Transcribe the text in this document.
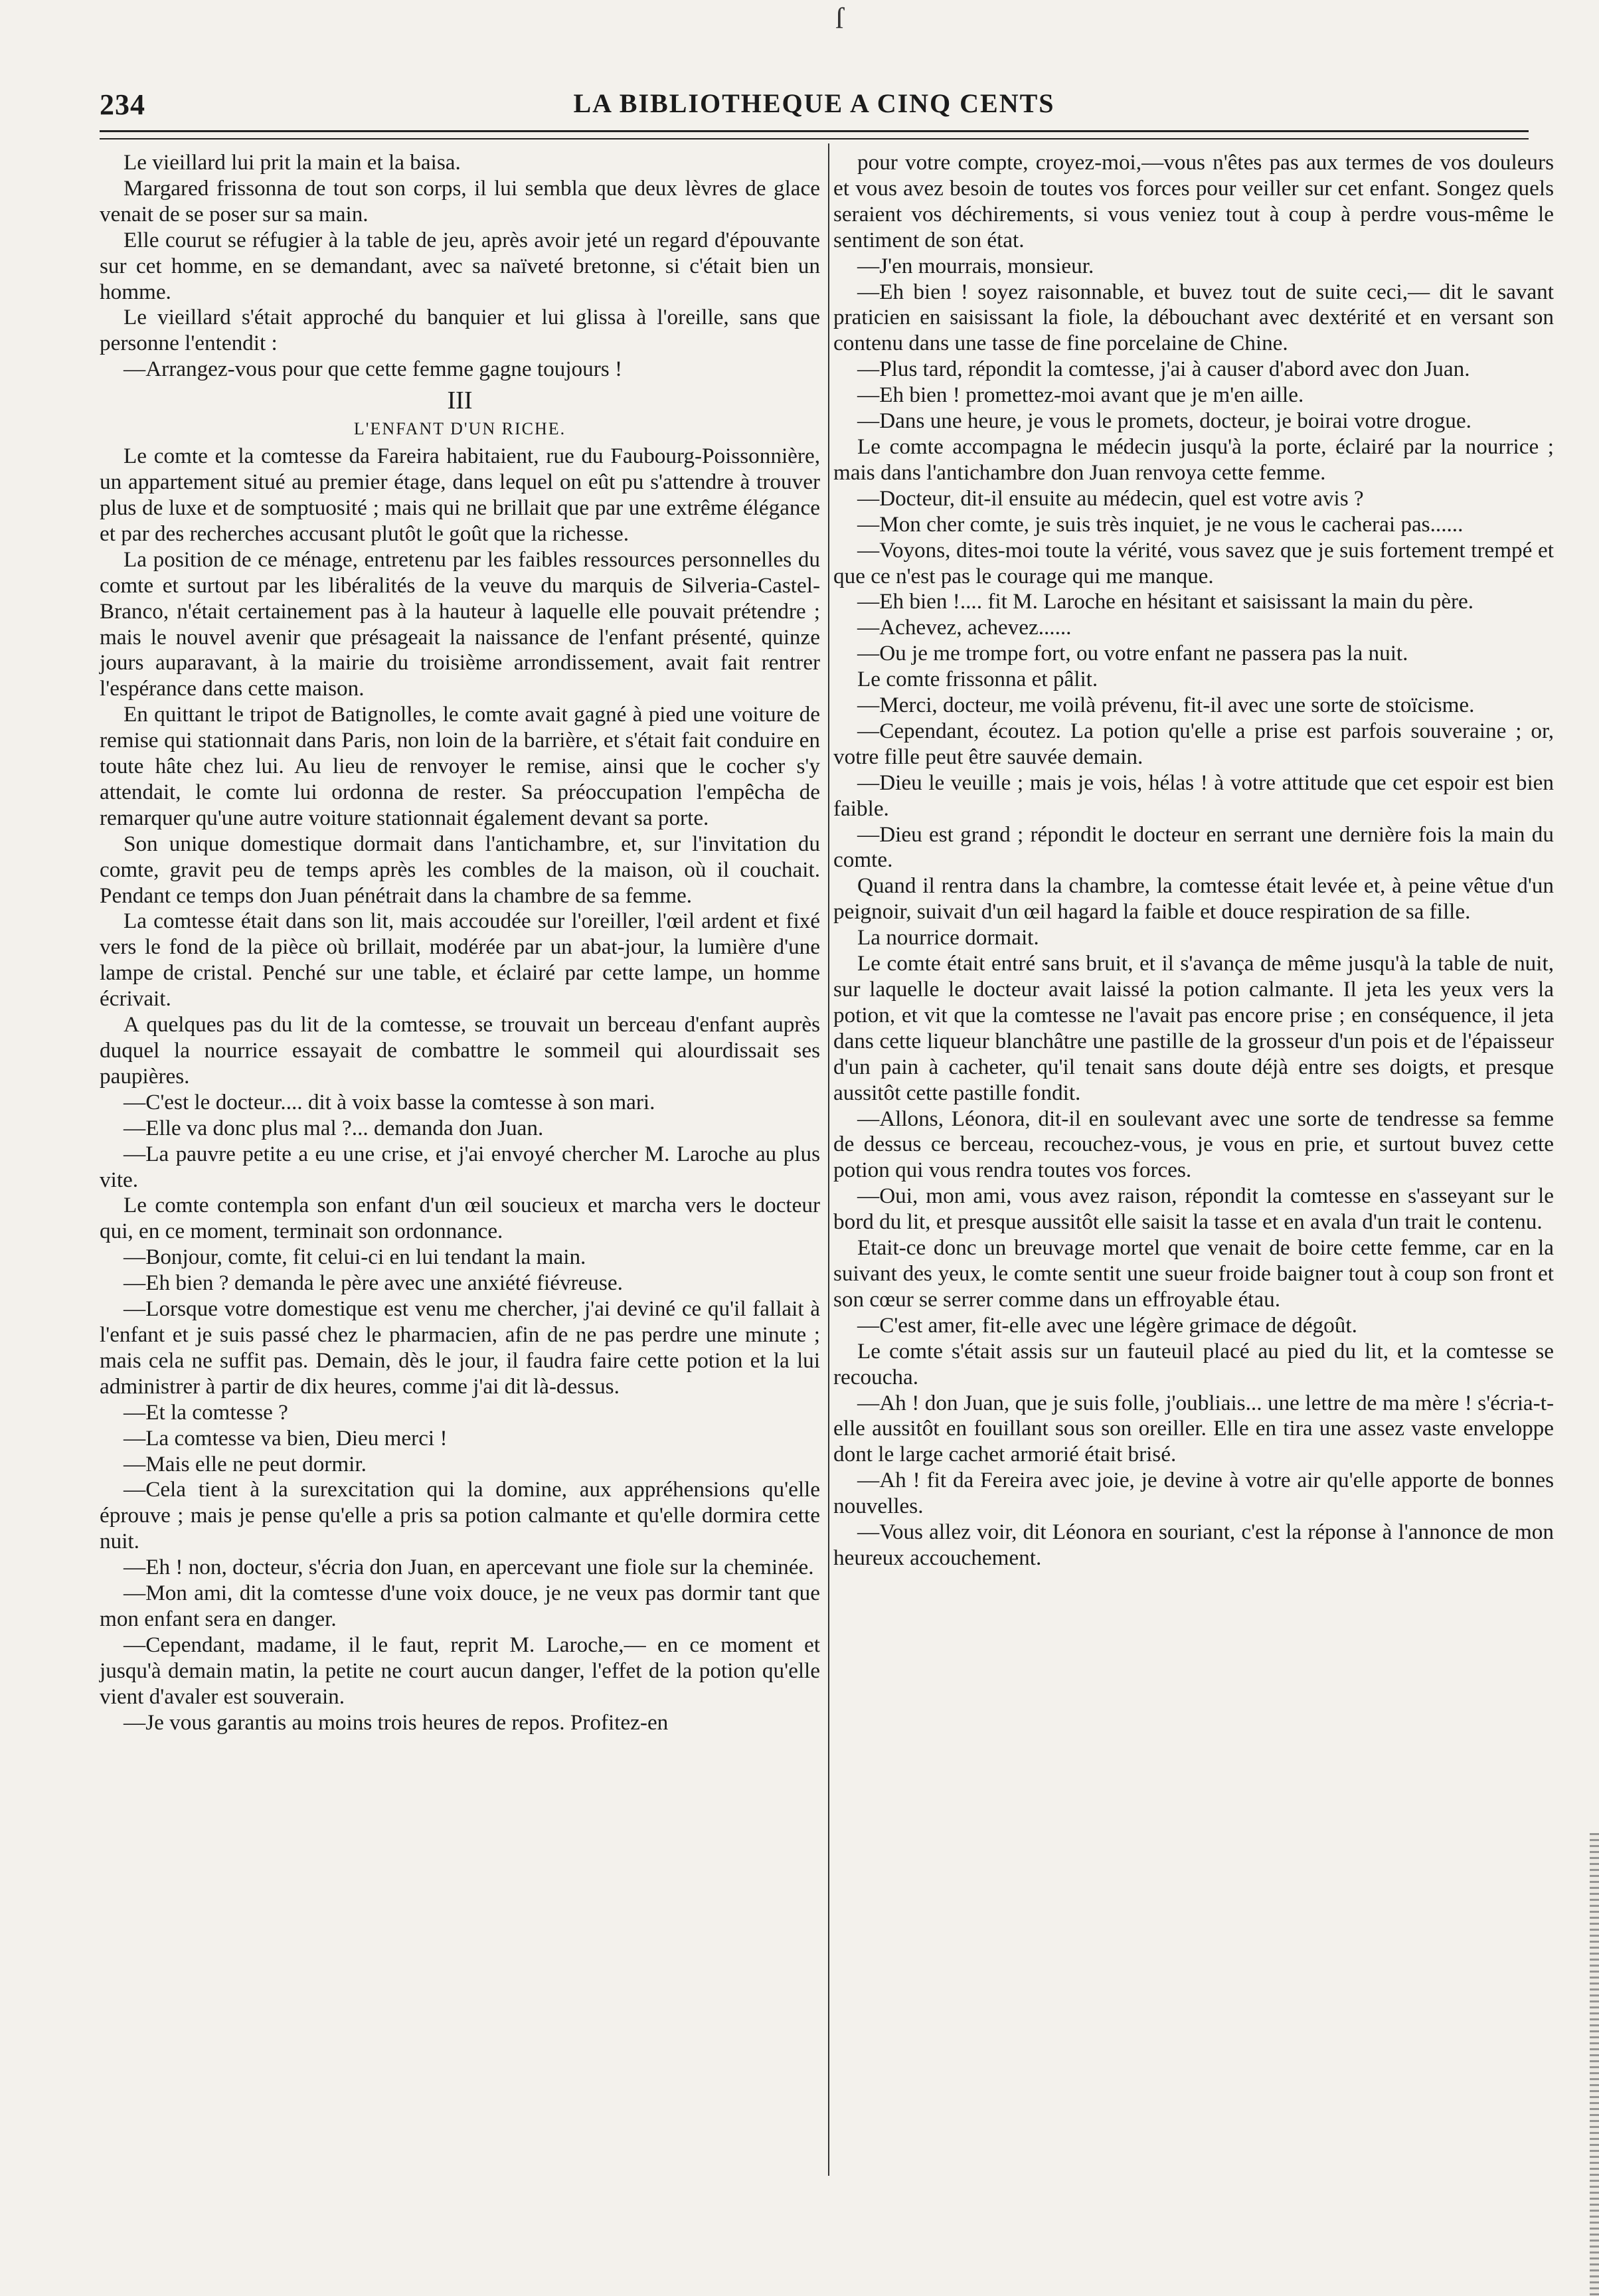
ſ
234	LA BIBLIOTHEQUE A CINQ CENTS

Le vieillard lui prit la main et la baisa.

Margared frissonna de tout son corps, il lui sembla que deux lèvres de glace venait de se poser sur sa main.

Elle courut se réfugier à la table de jeu, après avoir jeté un regard d'épouvante sur cet homme, en se demandant, avec sa naïveté bretonne, si c'était bien un homme.

Le vieillard s'était approché du banquier et lui glissa à l'oreille, sans que personne l'entendit :

—Arrangez-vous pour que cette femme gagne toujours !

III

L'ENFANT D'UN RICHE.

Le comte et la comtesse da Fareira habitaient, rue du Faubourg-Poissonnière, un appartement situé au premier étage, dans lequel on eût pu s'attendre à trouver plus de luxe et de somptuosité ; mais qui ne brillait que par une extrême élégance et par des recherches accusant plutôt le goût que la richesse.

La position de ce ménage, entretenu par les faibles ressources personnelles du comte et surtout par les libéralités de la veuve du marquis de Silveria-Castel-Branco, n'était certainement pas à la hauteur à laquelle elle pouvait prétendre ; mais le nouvel avenir que présageait la naissance de l'enfant présenté, quinze jours auparavant, à la mairie du troisième arrondissement, avait fait rentrer l'espérance dans cette maison.

En quittant le tripot de Batignolles, le comte avait gagné à pied une voiture de remise qui stationnait dans Paris, non loin de la barrière, et s'était fait conduire en toute hâte chez lui. Au lieu de renvoyer le remise, ainsi que le cocher s'y attendait, le comte lui ordonna de rester. Sa préoccupation l'empêcha de remarquer qu'une autre voiture stationnait également devant sa porte.

Son unique domestique dormait dans l'antichambre, et, sur l'invitation du comte, gravit peu de temps après les combles de la maison, où il couchait. Pendant ce temps don Juan pénétrait dans la chambre de sa femme.

La comtesse était dans son lit, mais accoudée sur l'oreiller, l'œil ardent et fixé vers le fond de la pièce où brillait, modérée par un abat-jour, la lumière d'une lampe de cristal. Penché sur une table, et éclairé par cette lampe, un homme écrivait.

A quelques pas du lit de la comtesse, se trouvait un berceau d'enfant auprès duquel la nourrice essayait de combattre le sommeil qui alourdissait ses paupières.

—C'est le docteur.... dit à voix basse la comtesse à son mari.

—Elle va donc plus mal ?... demanda don Juan.

—La pauvre petite a eu une crise, et j'ai envoyé chercher M. Laroche au plus vite.

Le comte contempla son enfant d'un œil soucieux et marcha vers le docteur qui, en ce moment, terminait son ordonnance.

—Bonjour, comte, fit celui-ci en lui tendant la main.

—Eh bien ? demanda le père avec une anxiété fiévreuse.

—Lorsque votre domestique est venu me chercher, j'ai deviné ce qu'il fallait à l'enfant et je suis passé chez le pharmacien, afin de ne pas perdre une minute ; mais cela ne suffit pas. Demain, dès le jour, il faudra faire cette potion et la lui administrer à partir de dix heures, comme j'ai dit là-dessus.

—Et la comtesse ?

—La comtesse va bien, Dieu merci !

—Mais elle ne peut dormir.

—Cela tient à la surexcitation qui la domine, aux appréhensions qu'elle éprouve ; mais je pense qu'elle a pris sa potion calmante et qu'elle dormira cette nuit.

—Eh ! non, docteur, s'écria don Juan, en apercevant une fiole sur la cheminée.

—Mon ami, dit la comtesse d'une voix douce, je ne veux pas dormir tant que mon enfant sera en danger.

—Cependant, madame, il le faut, reprit M. Laroche,— en ce moment et jusqu'à demain matin, la petite ne court aucun danger, l'effet de la potion qu'elle vient d'avaler est souverain.

—Je vous garantis au moins trois heures de repos. Profitez-en

pour votre compte, croyez-moi,—vous n'êtes pas aux termes de vos douleurs et vous avez besoin de toutes vos forces pour veiller sur cet enfant. Songez quels seraient vos déchirements, si vous veniez tout à coup à perdre vous-même le sentiment de son état.

—J'en mourrais, monsieur.

—Eh bien ! soyez raisonnable, et buvez tout de suite ceci,— dit le savant praticien en saisissant la fiole, la débouchant avec dextérité et en versant son contenu dans une tasse de fine porcelaine de Chine.

—Plus tard, répondit la comtesse, j'ai à causer d'abord avec don Juan.

—Eh bien ! promettez-moi avant que je m'en aille.

—Dans une heure, je vous le promets, docteur, je boirai votre drogue.

Le comte accompagna le médecin jusqu'à la porte, éclairé par la nourrice ; mais dans l'antichambre don Juan renvoya cette femme.

—Docteur, dit-il ensuite au médecin, quel est votre avis ?

—Mon cher comte, je suis très inquiet, je ne vous le cacherai pas......

—Voyons, dites-moi toute la vérité, vous savez que je suis fortement trempé et que ce n'est pas le courage qui me manque.

—Eh bien !.... fit M. Laroche en hésitant et saisissant la main du père.

—Achevez, achevez......

—Ou je me trompe fort, ou votre enfant ne passera pas la nuit.

Le comte frissonna et pâlit.

—Merci, docteur, me voilà prévenu, fit-il avec une sorte de stoïcisme.

—Cependant, écoutez. La potion qu'elle a prise est parfois souveraine ; or, votre fille peut être sauvée demain.

—Dieu le veuille ; mais je vois, hélas ! à votre attitude que cet espoir est bien faible.

—Dieu est grand ; répondit le docteur en serrant une dernière fois la main du comte.

Quand il rentra dans la chambre, la comtesse était levée et, à peine vêtue d'un peignoir, suivait d'un œil hagard la faible et douce respiration de sa fille.

La nourrice dormait.

Le comte était entré sans bruit, et il s'avança de même jusqu'à la table de nuit, sur laquelle le docteur avait laissé la potion calmante. Il jeta les yeux vers la potion, et vit que la comtesse ne l'avait pas encore prise ; en conséquence, il jeta dans cette liqueur blanchâtre une pastille de la grosseur d'un pois et de l'épaisseur d'un pain à cacheter, qu'il tenait sans doute déjà entre ses doigts, et presque aussitôt cette pastille fondit.

—Allons, Léonora, dit-il en soulevant avec une sorte de tendresse sa femme de dessus ce berceau, recouchez-vous, je vous en prie, et surtout buvez cette potion qui vous rendra toutes vos forces.

—Oui, mon ami, vous avez raison, répondit la comtesse en s'asseyant sur le bord du lit, et presque aussitôt elle saisit la tasse et en avala d'un trait le contenu.

Etait-ce donc un breuvage mortel que venait de boire cette femme, car en la suivant des yeux, le comte sentit une sueur froide baigner tout à coup son front et son cœur se serrer comme dans un effroyable étau.

—C'est amer, fit-elle avec une légère grimace de dégoût.

Le comte s'était assis sur un fauteuil placé au pied du lit, et la comtesse se recoucha.

—Ah ! don Juan, que je suis folle, j'oubliais... une lettre de ma mère ! s'écria-t-elle aussitôt en fouillant sous son oreiller. Elle en tira une assez vaste enveloppe dont le large cachet armorié était brisé.

—Ah ! fit da Fereira avec joie, je devine à votre air qu'elle apporte de bonnes nouvelles.

—Vous allez voir, dit Léonora en souriant, c'est la réponse à l'annonce de mon heureux accouchement.
